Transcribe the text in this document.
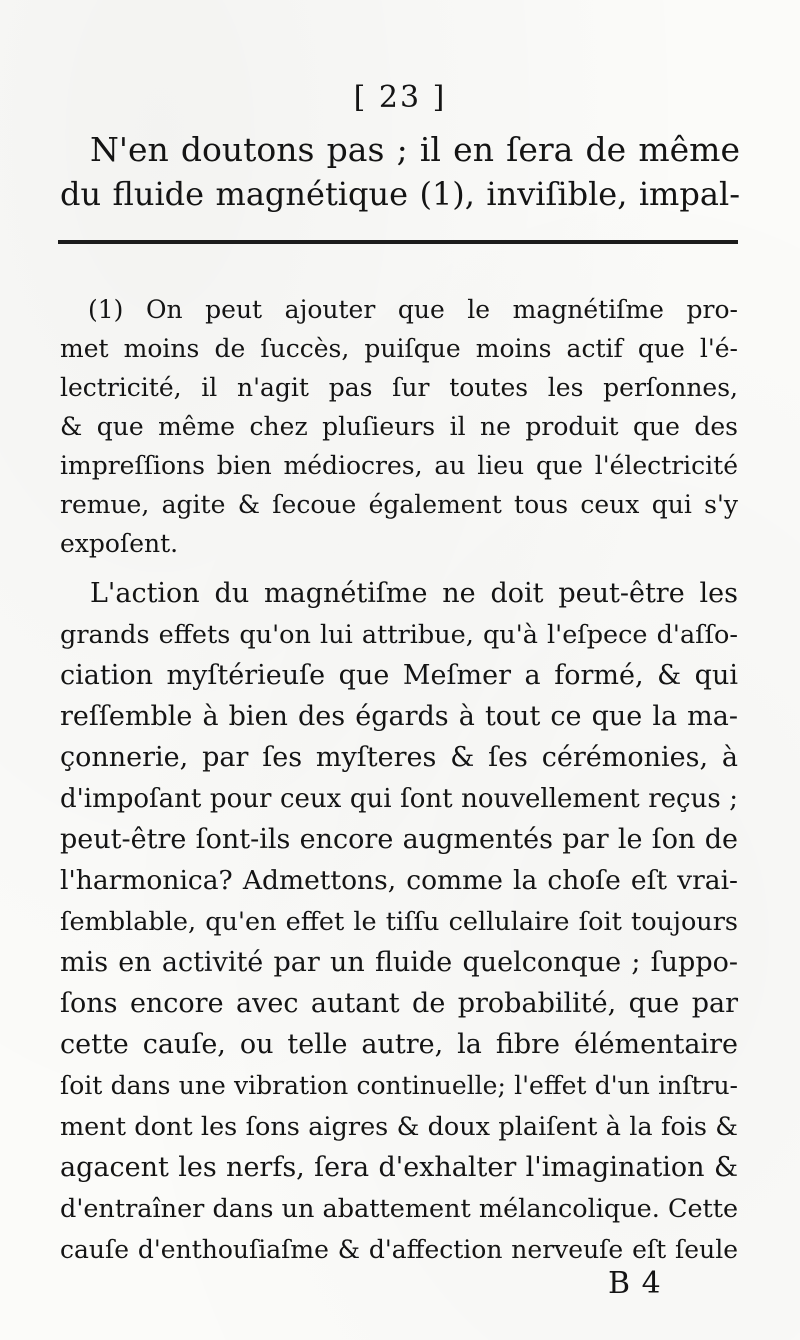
[ 23 ]
N'en doutons pas ; il en ſera de même
du fluide magnétique (1), inviſible, impal-
(1) On peut ajouter que le magnétiſme pro-
met moins de ſuccès, puiſque moins actif que l'é-
lectricité, il n'agit pas ſur toutes les perſonnes,
& que même chez pluſieurs il ne produit que des
impreſſions bien médiocres, au lieu que l'électricité
remue, agite & ſecoue également tous ceux qui s'y
expoſent.
L'action du magnétiſme ne doit peut-être les
grands effets qu'on lui attribue, qu'à l'eſpece d'aſſo-
ciation myſtérieuſe que Meſmer a formé, & qui
reſſemble à bien des égards à tout ce que la ma-
çonnerie, par ſes myſteres & ſes cérémonies, à
d'impoſant pour ceux qui ſont nouvellement reçus ;
peut-être ſont-ils encore augmentés par le ſon de
l'harmonica? Admettons, comme la choſe eſt vrai-
ſemblable, qu'en effet le tiſſu cellulaire ſoit toujours
mis en activité par un fluide quelconque ; ſuppo-
ſons encore avec autant de probabilité, que par
cette cauſe, ou telle autre, la fibre élémentaire
ſoit dans une vibration continuelle; l'effet d'un inſtru-
ment dont les ſons aigres & doux plaiſent à la fois &
agacent les nerfs, ſera d'exhalter l'imagination &
d'entraîner dans un abattement mélancolique. Cette
cauſe d'enthouſiaſme & d'affection nerveuſe eſt ſeule
B 4
